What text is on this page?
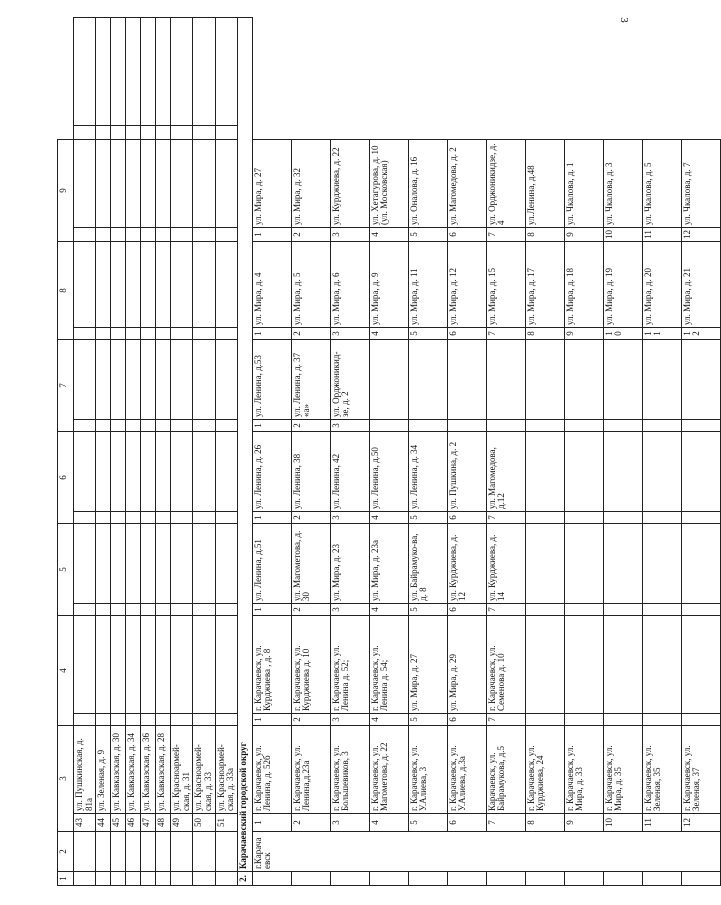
3
1	2	3		4		5		6		7		8		9			
		43	ул. Пушкинская, д. 81а														
		44	ул. Зеленая, д. 9														
		45	ул. Кавказская, д. 30														
		46	ул. Кавказская, д. 34														
		47	ул. Кавказская, д. 36														
		48	ул. Кавказская, д. 28														
		49	ул. Красноармей-ская, д. 31														
		50	ул. Красноармей-ская, д. 33														
		51	ул. Красноармей-ская, д. 33а														
2.	Карачаевский городской округ																
	г.Карачаевск	1	г. Карачаевск, ул. Ленина, д. 52б	1	г. Карачаевск, ул. Курджиева , д. 8	1	ул. Ленина, д.51	1	ул. Ленина, д. 26	1	ул. Ленина, д.53	1	ул. Мира, д. 4	1	ул. Мира, д. 27		
		2	г. Карачаевск, ул. Ленина,д.23а	2	г. Карачаевск, ул. Курджиева д. 10	2	ул. Магометова, д. 30	2	ул. Ленина, 38	2	ул. Ленина, д. 37 «а»	2	ул. Мира, д. 5	2	ул. Мира, д. 32		
		3	г. Карачаевск, ул. Большевиков, 3	3	г. Карачаевск, ул. Ленина д. 52;	3	ул. Мира, д. 23	3	ул. Ленина, 42	3	ул. Орджоникид-зе, д. 2	3	ул. Мира, д. 6	3	ул. Курджиева, д. 22		
		4	г. Карачаевск, ул. Магометова, д. 22	4	г. Карачаевск, ул. Ленина д. 54;	4	ул. Мира, д. 23а	4	ул. Ленина, д.50			4	ул. Мира, д. 9	4	ул. Хетагурова, д. 10 (ул. Московская)		
		5	г. Карачаевск, ул. У.Алиева, 3	5	ул. Мира, д. 27	5	ул. Байрамуко-ва, д. 8	5	ул. Ленина, д. 34			5	ул. Мира, д. 11	5	ул. Оналова, д. 16		
		6	г. Карачаевск, ул. У.Алиева, д.3а	6	ул. Мира, д. 29	6	ул. Курджиева, д. 12	6	ул. Пушкина, д. 2			6	ул. Мира, д. 12	6	ул. Магомедова, д. 2		
		7	Карачаевск, ул. Байрамукова, д.5	7	г. Карачаевск, ул. Семенова д. 10	7	ул. Курджиева, д. 14	7	ул. Магомедова, д.12			7	ул. Мира, д. 15	7	ул. Орджоникидзе, д. 4		
		8	г. Карачаевск, ул. Курджиева, 24									8	ул. Мира, д. 17	8	ул.Ленина, д.48		
		9	г. Карачаевск, ул. Мира, д. 33									9	ул. Мира, д. 18	9	ул. Чкалова, д. 1		
		10	г. Карачаевск, ул. Мира, д. 35									10	ул. Мира, д. 19	10	ул. Чкалова, д. 3		
		11	г. Карачаевск, ул. Зеленая, 35									11	ул. Мира, д. 20	11	ул. Чкалова, д. 5		
		12	г. Карачаевск, ул. Зеленая, 37									12	ул. Мира, д. 21	12	ул. Чкалова, д. 7		
